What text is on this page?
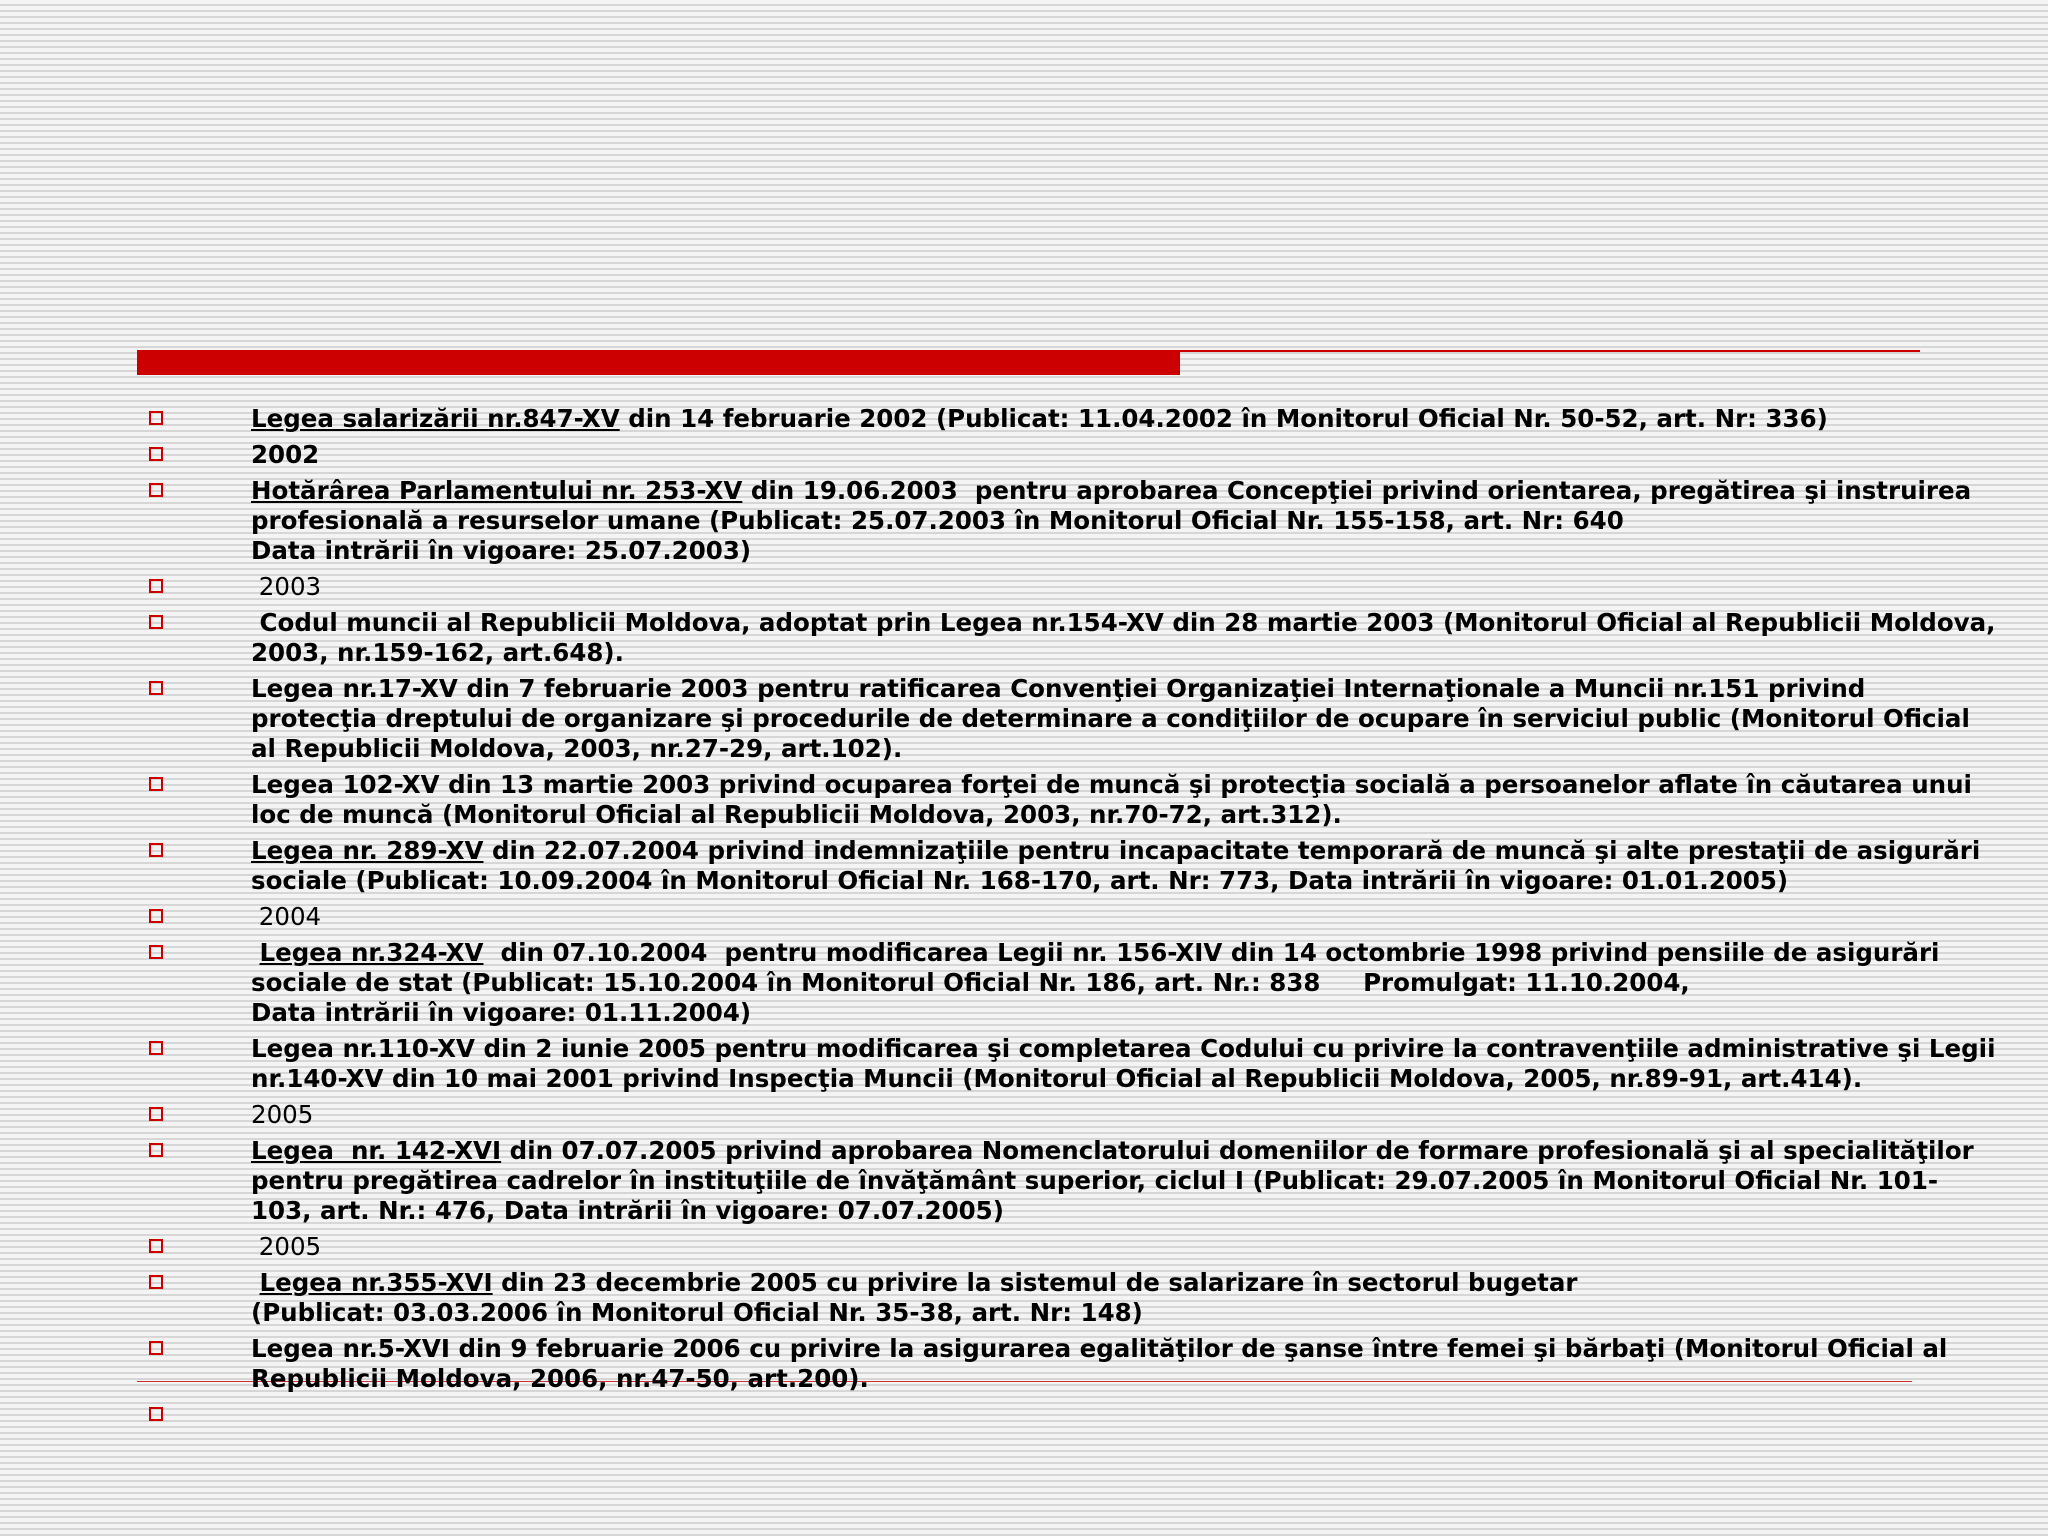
Legea salarizării nr.847-XV din 14 februarie 2002 (Publicat: 11.04.2002 în Monitorul Oficial Nr. 50-52, art. Nr: 336)
2002
Hotărârea Parlamentului nr. 253-XV din 19.06.2003  pentru aprobarea Concepţiei privind orientarea, pregătirea şi instruirea profesională a resurselor umane (Publicat: 25.07.2003 în Monitorul Oficial Nr. 155-158, art. Nr: 640
Data intrării în vigoare: 25.07.2003)
2003
Codul muncii al Republicii Moldova, adoptat prin Legea nr.154-XV din 28 martie 2003 (Monitorul Oficial al Republicii Moldova, 2003, nr.159-162, art.648).
Legea nr.17-XV din 7 februarie 2003 pentru ratificarea Convenţiei Organizaţiei Internaţionale a Muncii nr.151 privind protecţia dreptului de organizare şi procedurile de determinare a condiţiilor de ocupare în serviciul public (Monitorul Oficial al Republicii Moldova, 2003, nr.27-29, art.102).
Legea 102-XV din 13 martie 2003 privind ocuparea forţei de muncă şi protecţia socială a persoanelor aflate în căutarea unui loc de muncă (Monitorul Oficial al Republicii Moldova, 2003, nr.70-72, art.312).
Legea nr. 289-XV din 22.07.2004 privind indemnizaţiile pentru incapacitate temporară de muncă şi alte prestaţii de asigurări sociale (Publicat: 10.09.2004 în Monitorul Oficial Nr. 168-170, art. Nr: 773, Data intrării în vigoare: 01.01.2005)
2004
Legea nr.324-XV  din 07.10.2004  pentru modificarea Legii nr. 156-XIV din 14 octombrie 1998 privind pensiile de asigurări sociale de stat (Publicat: 15.10.2004 în Monitorul Oficial Nr. 186, art. Nr.: 838     Promulgat: 11.10.2004,
Data intrării în vigoare: 01.11.2004)
Legea nr.110-XV din 2 iunie 2005 pentru modificarea şi completarea Codului cu privire la contravenţiile administrative şi Legii nr.140-XV din 10 mai 2001 privind Inspecţia Muncii (Monitorul Oficial al Republicii Moldova, 2005, nr.89-91, art.414).
2005
Legea  nr. 142-XVI din 07.07.2005 privind aprobarea Nomenclatorului domeniilor de formare profesională şi al specialităţilor pentru pregătirea cadrelor în instituţiile de învăţământ superior, ciclul I (Publicat: 29.07.2005 în Monitorul Oficial Nr. 101-103, art. Nr.: 476, Data intrării în vigoare: 07.07.2005)
2005
Legea nr.355-XVI din 23 decembrie 2005 cu privire la sistemul de salarizare în sectorul bugetar
(Publicat: 03.03.2006 în Monitorul Oficial Nr. 35-38, art. Nr: 148)
Legea nr.5-XVI din 9 februarie 2006 cu privire la asigurarea egalităţilor de şanse între femei şi bărbaţi (Monitorul Oficial al Republicii Moldova, 2006, nr.47-50, art.200).
